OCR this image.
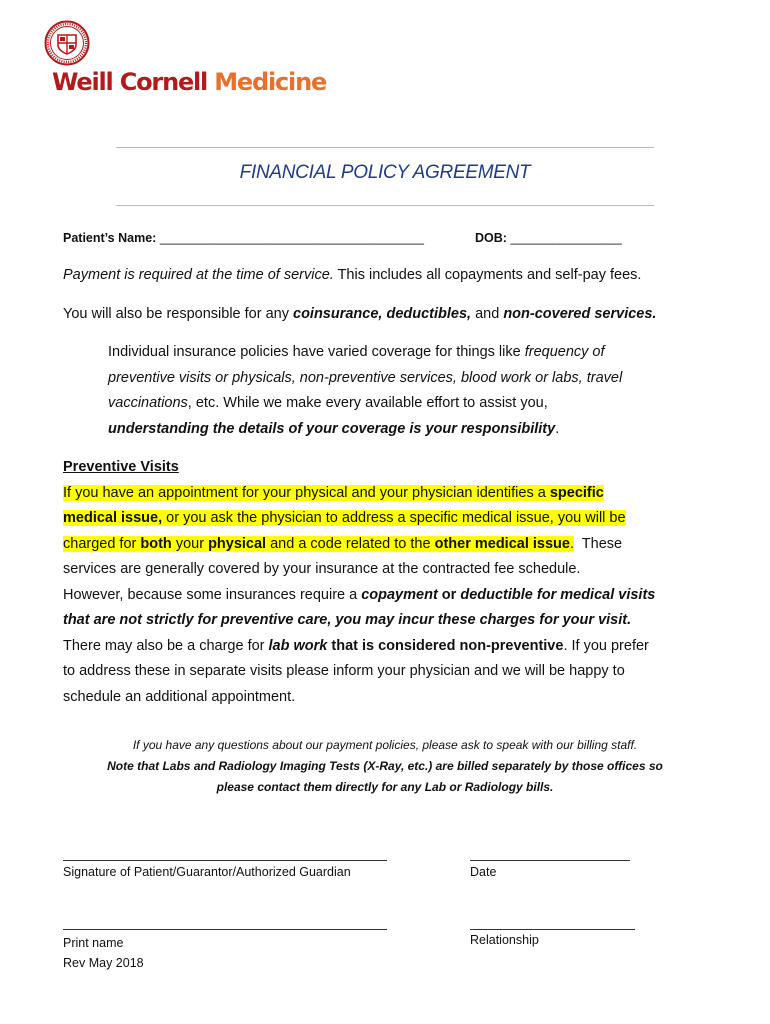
Weill Cornell Medicine
FINANCIAL POLICY AGREEMENT
Patient’s Name: ______________________________________	DOB: ________________
Payment is required at the time of service. This includes all copayments and self-pay fees.
You will also be responsible for any coinsurance, deductibles, and non-covered services.
Individual insurance policies have varied coverage for things like frequency of
preventive visits or physicals, non-preventive services, blood work or labs, travel
vaccinations, etc. While we make every available effort to assist you,
understanding the details of your coverage is your responsibility.
Preventive Visits
If you have an appointment for your physical and your physician identifies a specific
medical issue, or you ask the physician to address a specific medical issue, you will be
charged for both your physical and a code related to the other medical issue.  These
services are generally covered by your insurance at the contracted fee schedule.
However, because some insurances require a copayment or deductible for medical visits
that are not strictly for preventive care, you may incur these charges for your visit.
There may also be a charge for lab work that is considered non-preventive. If you prefer
to address these in separate visits please inform your physician and we will be happy to
schedule an additional appointment.
If you have any questions about our payment policies, please ask to speak with our billing staff.
Note that Labs and Radiology Imaging Tests (X-Ray, etc.) are billed separately by those offices so
please contact them directly for any Lab or Radiology bills.
Signature of Patient/Guarantor/Authorized Guardian	Date
Print name	Relationship
Rev May 2018
